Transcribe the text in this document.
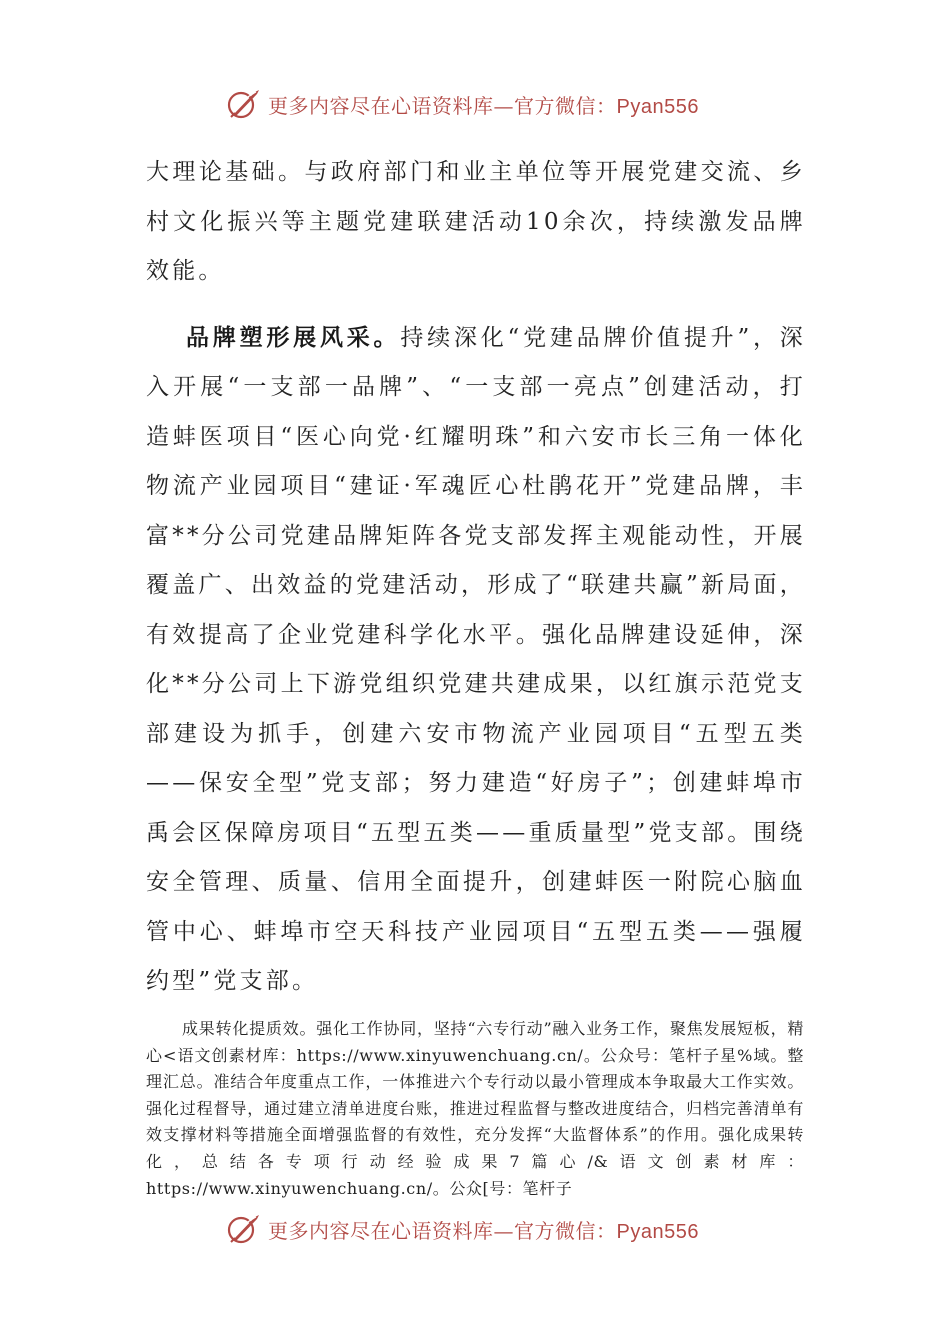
更多内容尽在心语资料库—官方微信：Pyan556

大理论基础。与政府部门和业主单位等开展党建交流、乡村文化振兴等主题党建联建活动10余次，持续激发品牌效能。

品牌塑形展风采。持续深化“党建品牌价值提升”，深入开展“一支部一品牌”、“一支部一亮点”创建活动，打造蚌医项目“医心向党·红耀明珠”和六安市长三角一体化物流产业园项目“建证·军魂匠心杜鹃花开”党建品牌，丰富**分公司党建品牌矩阵各党支部发挥主观能动性，开展覆盖广、出效益的党建活动，形成了“联建共赢”新局面，有效提高了企业党建科学化水平。强化品牌建设延伸，深化**分公司上下游党组织党建共建成果，以红旗示范党支部建设为抓手，创建六安市物流产业园项目“五型五类——保安全型”党支部；努力建造“好房子”；创建蚌埠市禹会区保障房项目“五型五类——重质量型”党支部。围绕安全管理、质量、信用全面提升，创建蚌医一附院心脑血管中心、蚌埠市空天科技产业园项目“五型五类——强履约型”党支部。

成果转化提质效。强化工作协同，坚持“六专行动”融入业务工作，聚焦发展短板，精心<语文创素材库：https://www.xinyuwenchuang.cn/。公众号：笔杆子星%域。整理汇总。准结合年度重点工作，一体推进六个专行动以最小管理成本争取最大工作实效。强化过程督导，通过建立清单进度台账，推进过程监督与整改进度结合，归档完善清单有效支撑材料等措施全面增强监督的有效性，充分发挥“大监督体系”的作用。强化成果转化，总结各专项行动经验成果7篇心/&语文创素材库：https://www.xinyuwenchuang.cn/。公众[号：笔杆子

更多内容尽在心语资料库—官方微信：Pyan556
